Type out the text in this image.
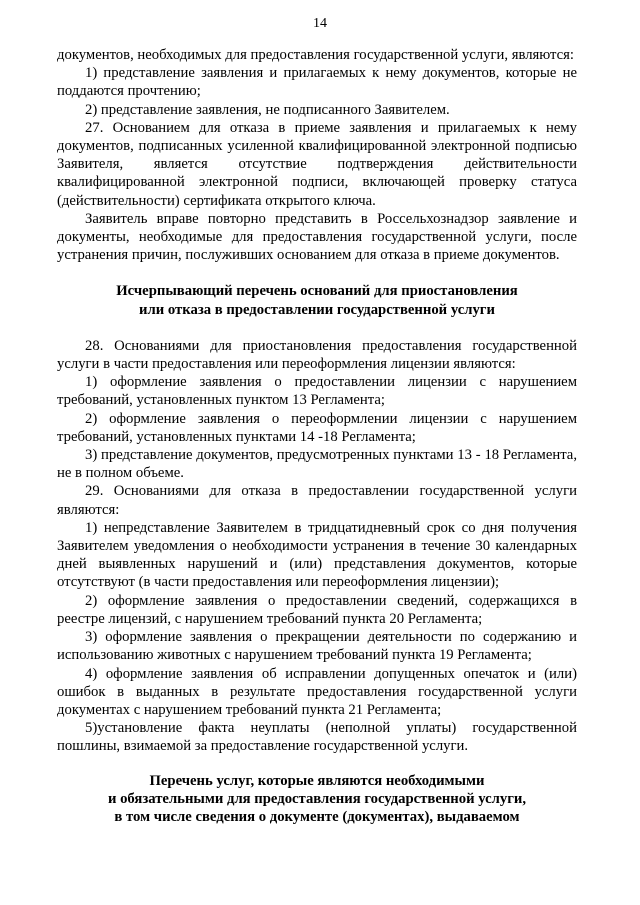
14

документов, необходимых для предоставления государственной услуги, являются:

1) представление заявления и прилагаемых к нему документов, которые не поддаются прочтению;

2) представление заявления, не подписанного Заявителем.

27. Основанием для отказа в приеме заявления и прилагаемых к нему документов, подписанных усиленной квалифицированной электронной подписью Заявителя, является отсутствие подтверждения действительности квалифицированной электронной подписи, включающей проверку статуса (действительности) сертификата открытого ключа.

Заявитель вправе повторно представить в Россельхознадзор заявление и документы, необходимые для предоставления государственной услуги, после устранения причин, послуживших основанием для отказа в приеме документов.

Исчерпывающий перечень оснований для приостановления
или отказа в предоставлении государственной услуги

28. Основаниями для приостановления предоставления государственной услуги в части предоставления или переоформления лицензии являются:

1) оформление заявления о предоставлении лицензии с нарушением требований, установленных пунктом 13 Регламента;

2) оформление заявления о переоформлении лицензии с нарушением требований, установленных пунктами 14 -18 Регламента;

3) представление документов, предусмотренных пунктами 13 - 18 Регламента, не в полном объеме.

29. Основаниями для отказа в предоставлении государственной услуги являются:

1) непредставление Заявителем в тридцатидневный срок со дня получения Заявителем уведомления о необходимости устранения в течение 30 календарных дней выявленных нарушений и (или) представления документов, которые отсутствуют (в части предоставления или переоформления лицензии);

2) оформление заявления о предоставлении сведений, содержащихся в реестре лицензий, с нарушением требований пункта 20 Регламента;

3) оформление заявления о прекращении деятельности по содержанию и использованию животных с нарушением требований пункта 19 Регламента;

4) оформление заявления об исправлении допущенных опечаток и (или) ошибок в выданных в результате предоставления государственной услуги документах с нарушением требований пункта 21 Регламента;

5)установление факта неуплаты (неполной уплаты) государственной пошлины, взимаемой за предоставление государственной услуги.

Перечень услуг, которые являются необходимыми
и обязательными для предоставления государственной услуги,
в том числе сведения о документе (документах), выдаваемом
